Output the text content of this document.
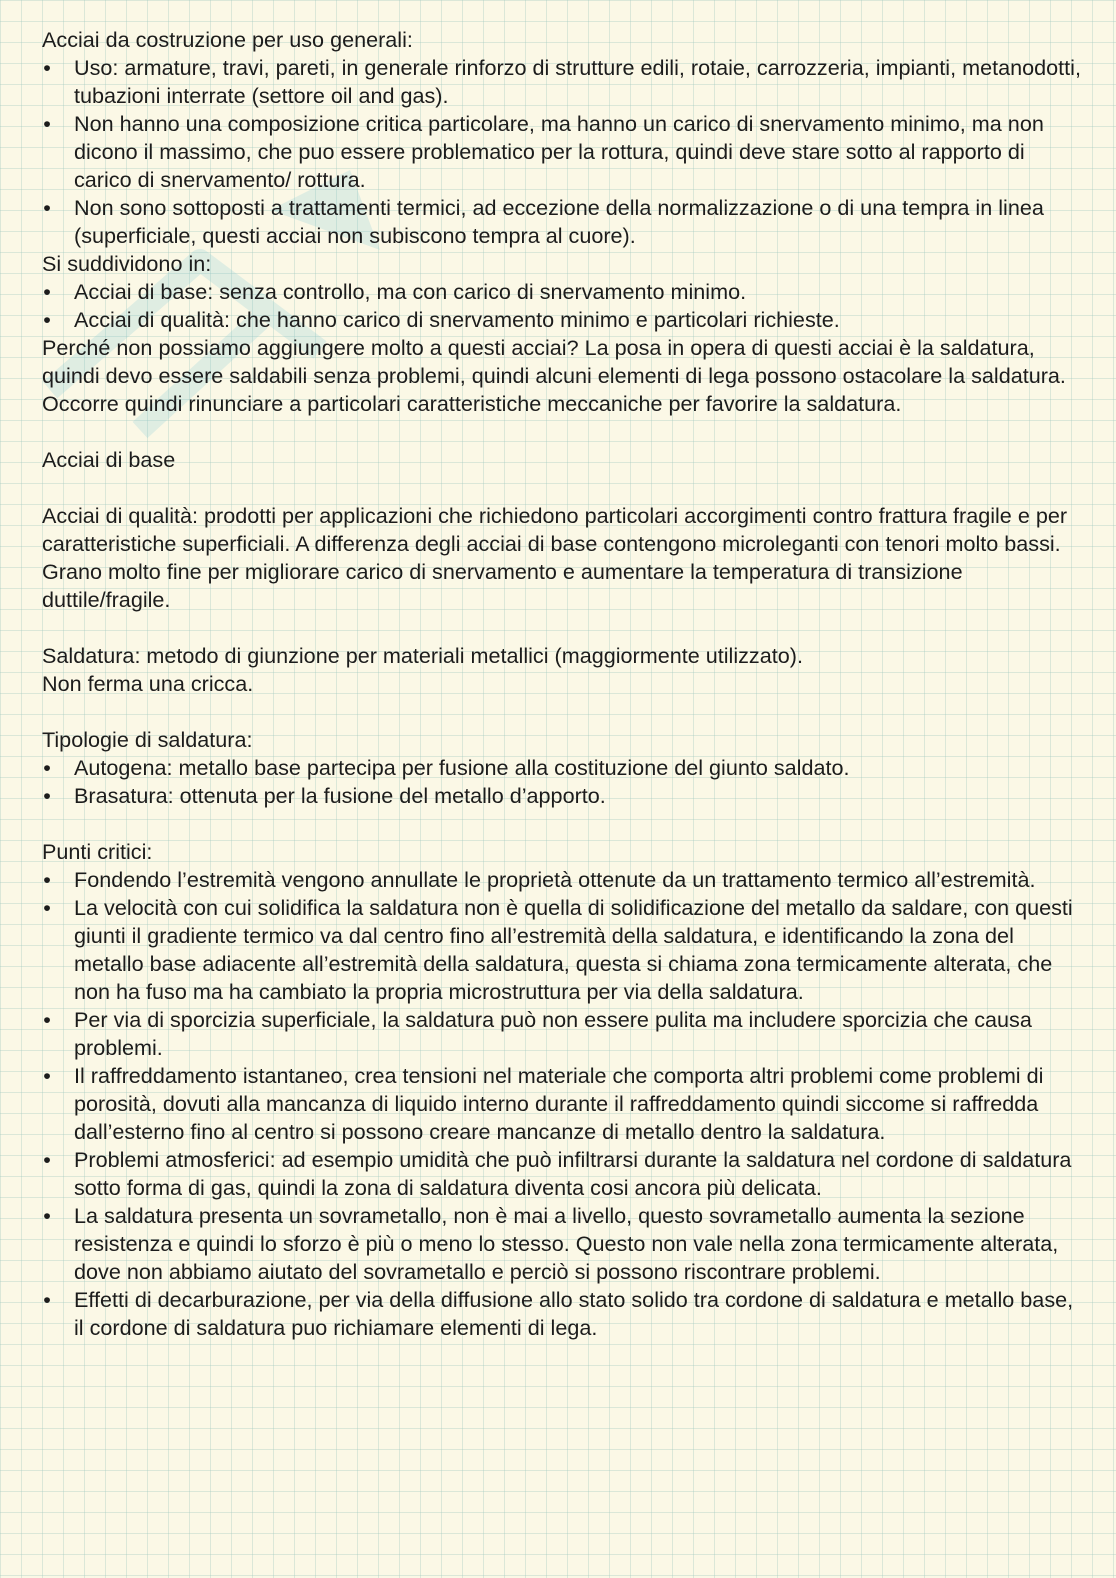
Acciai da costruzione per uso generali:

• Uso: armature, travi, pareti, in generale rinforzo di strutture edili, rotaie, carrozzeria, impianti, metanodotti, tubazioni interrate (settore oil and gas).
• Non hanno una composizione critica particolare, ma hanno un carico di snervamento minimo, ma non dicono il massimo, che puo essere problematico per la rottura, quindi deve stare sotto al rapporto di carico di snervamento/ rottura.
• Non sono sottoposti a trattamenti termici, ad eccezione della normalizzazione o di una tempra in linea (superficiale, questi acciai non subiscono tempra al cuore).

Si suddividono in:

• Acciai di base: senza controllo, ma con carico di snervamento minimo.
• Acciai di qualità: che hanno carico di snervamento minimo e particolari richieste.

Perché non possiamo aggiungere molto a questi acciai? La posa in opera di questi acciai è la saldatura, quindi devo essere saldabili senza problemi, quindi alcuni elementi di lega possono ostacolare la saldatura. Occorre quindi rinunciare a particolari caratteristiche meccaniche per favorire la saldatura.

Acciai di base

Acciai di qualità: prodotti per applicazioni che richiedono particolari accorgimenti contro frattura fragile e per caratteristiche superficiali. A differenza degli acciai di base contengono microleganti con tenori molto bassi.

Grano molto fine per migliorare carico di snervamento e aumentare la temperatura di transizione duttile/fragile.

Saldatura: metodo di giunzione per materiali metallici (maggiormente utilizzato).

Non ferma una cricca.

Tipologie di saldatura:

• Autogena: metallo base partecipa per fusione alla costituzione del giunto saldato.
• Brasatura: ottenuta per la fusione del metallo d’apporto.

Punti critici:

• Fondendo l’estremità vengono annullate le proprietà ottenute da un trattamento termico all’estremità.
• La velocità con cui solidifica la saldatura non è quella di solidificazione del metallo da saldare, con questi giunti il gradiente termico va dal centro fino all’estremità della saldatura, e identificando la zona del metallo base adiacente all’estremità della saldatura, questa si chiama zona termicamente alterata, che non ha fuso ma ha cambiato la propria microstruttura per via della saldatura.
• Per via di sporcizia superficiale, la saldatura può non essere pulita ma includere sporcizia che causa problemi.
• Il raffreddamento istantaneo, crea tensioni nel materiale che comporta altri problemi come problemi di porosità, dovuti alla mancanza di liquido interno durante il raffreddamento quindi siccome si raffredda dall’esterno fino al centro si possono creare mancanze di metallo dentro la saldatura.
• Problemi atmosferici: ad esempio umidità che può infiltrarsi durante la saldatura nel cordone di saldatura sotto forma di gas, quindi la zona di saldatura diventa cosi ancora più delicata.
• La saldatura presenta un sovrametallo, non è mai a livello, questo sovrametallo aumenta la sezione resistenza e quindi lo sforzo è più o meno lo stesso. Questo non vale nella zona termicamente alterata, dove non abbiamo aiutato del sovrametallo e perciò si possono riscontrare problemi.
• Effetti di decarburazione, per via della diffusione allo stato solido tra cordone di saldatura e metallo base, il cordone di saldatura puo richiamare elementi di lega.
